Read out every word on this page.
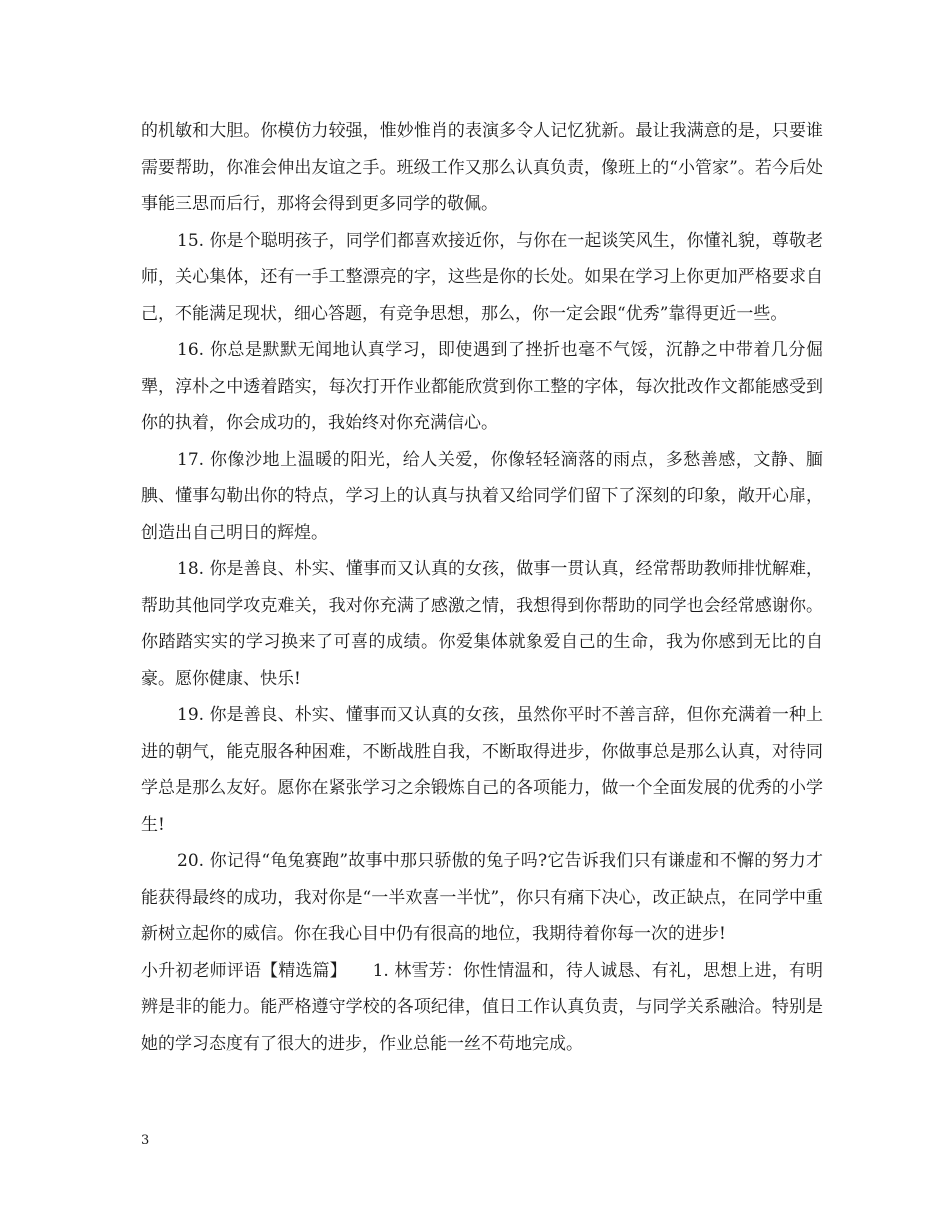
的机敏和大胆。你模仿力较强，惟妙惟肖的表演多令人记忆犹新。最让我满意的是，只要谁需要帮助，你准会伸出友谊之手。班级工作又那么认真负责，像班上的“小管家”。若今后处事能三思而后行，那将会得到更多同学的敬佩。

15. 你是个聪明孩子，同学们都喜欢接近你，与你在一起谈笑风生，你懂礼貌，尊敬老师，关心集体，还有一手工整漂亮的字，这些是你的长处。如果在学习上你更加严格要求自己，不能满足现状，细心答题，有竞争思想，那么，你一定会跟“优秀”靠得更近一些。

16. 你总是默默无闻地认真学习，即使遇到了挫折也毫不气馁，沉静之中带着几分倔犟，淳朴之中透着踏实，每次打开作业都能欣赏到你工整的字体，每次批改作文都能感受到你的执着，你会成功的，我始终对你充满信心。

17. 你像沙地上温暖的阳光，给人关爱，你像轻轻滴落的雨点，多愁善感，文静、腼腆、懂事勾勒出你的特点，学习上的认真与执着又给同学们留下了深刻的印象，敞开心扉，创造出自己明日的辉煌。

18. 你是善良、朴实、懂事而又认真的女孩，做事一贯认真，经常帮助教师排忧解难，帮助其他同学攻克难关，我对你充满了感激之情，我想得到你帮助的同学也会经常感谢你。你踏踏实实的学习换来了可喜的成绩。你爱集体就象爱自己的生命，我为你感到无比的自豪。愿你健康、快乐!

19. 你是善良、朴实、懂事而又认真的女孩，虽然你平时不善言辞，但你充满着一种上进的朝气，能克服各种困难，不断战胜自我，不断取得进步，你做事总是那么认真，对待同学总是那么友好。愿你在紧张学习之余锻炼自己的各项能力，做一个全面发展的优秀的小学生!

20. 你记得“龟兔赛跑”故事中那只骄傲的兔子吗?它告诉我们只有谦虚和不懈的努力才能获得最终的成功，我对你是“一半欢喜一半忧”，你只有痛下决心，改正缺点，在同学中重新树立起你的威信。你在我心目中仍有很高的地位，我期待着你每一次的进步!

小升初老师评语【精选篇】　　1. 林雪芳：你性情温和，待人诚恳、有礼，思想上进，有明辨是非的能力。能严格遵守学校的各项纪律，值日工作认真负责，与同学关系融洽。特别是她的学习态度有了很大的进步，作业总能一丝不苟地完成。

3
